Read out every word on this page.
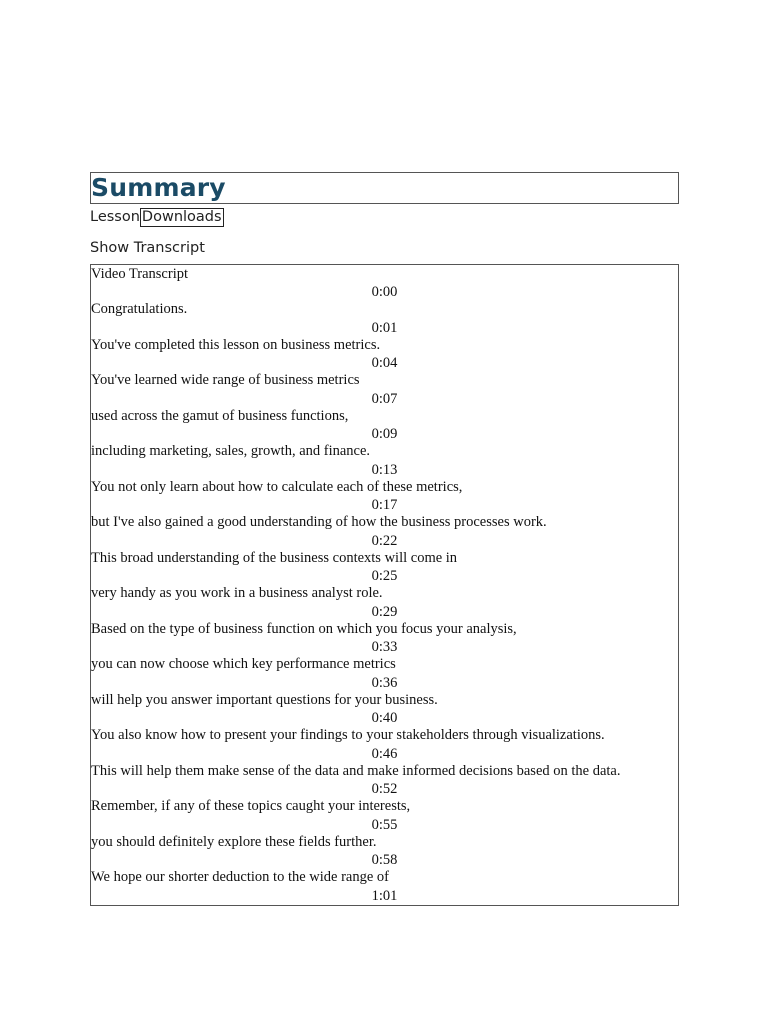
Summary
Lesson Downloads
Show Transcript
Video Transcript
0:00
Congratulations.
0:01
You've completed this lesson on business metrics.
0:04
You've learned wide range of business metrics
0:07
used across the gamut of business functions,
0:09
including marketing, sales, growth, and finance.
0:13
You not only learn about how to calculate each of these metrics,
0:17
but I've also gained a good understanding of how the business processes work.
0:22
This broad understanding of the business contexts will come in
0:25
very handy as you work in a business analyst role.
0:29
Based on the type of business function on which you focus your analysis,
0:33
you can now choose which key performance metrics
0:36
will help you answer important questions for your business.
0:40
You also know how to present your findings to your stakeholders through visualizations.
0:46
This will help them make sense of the data and make informed decisions based on the data.
0:52
Remember, if any of these topics caught your interests,
0:55
you should definitely explore these fields further.
0:58
We hope our shorter deduction to the wide range of
1:01
